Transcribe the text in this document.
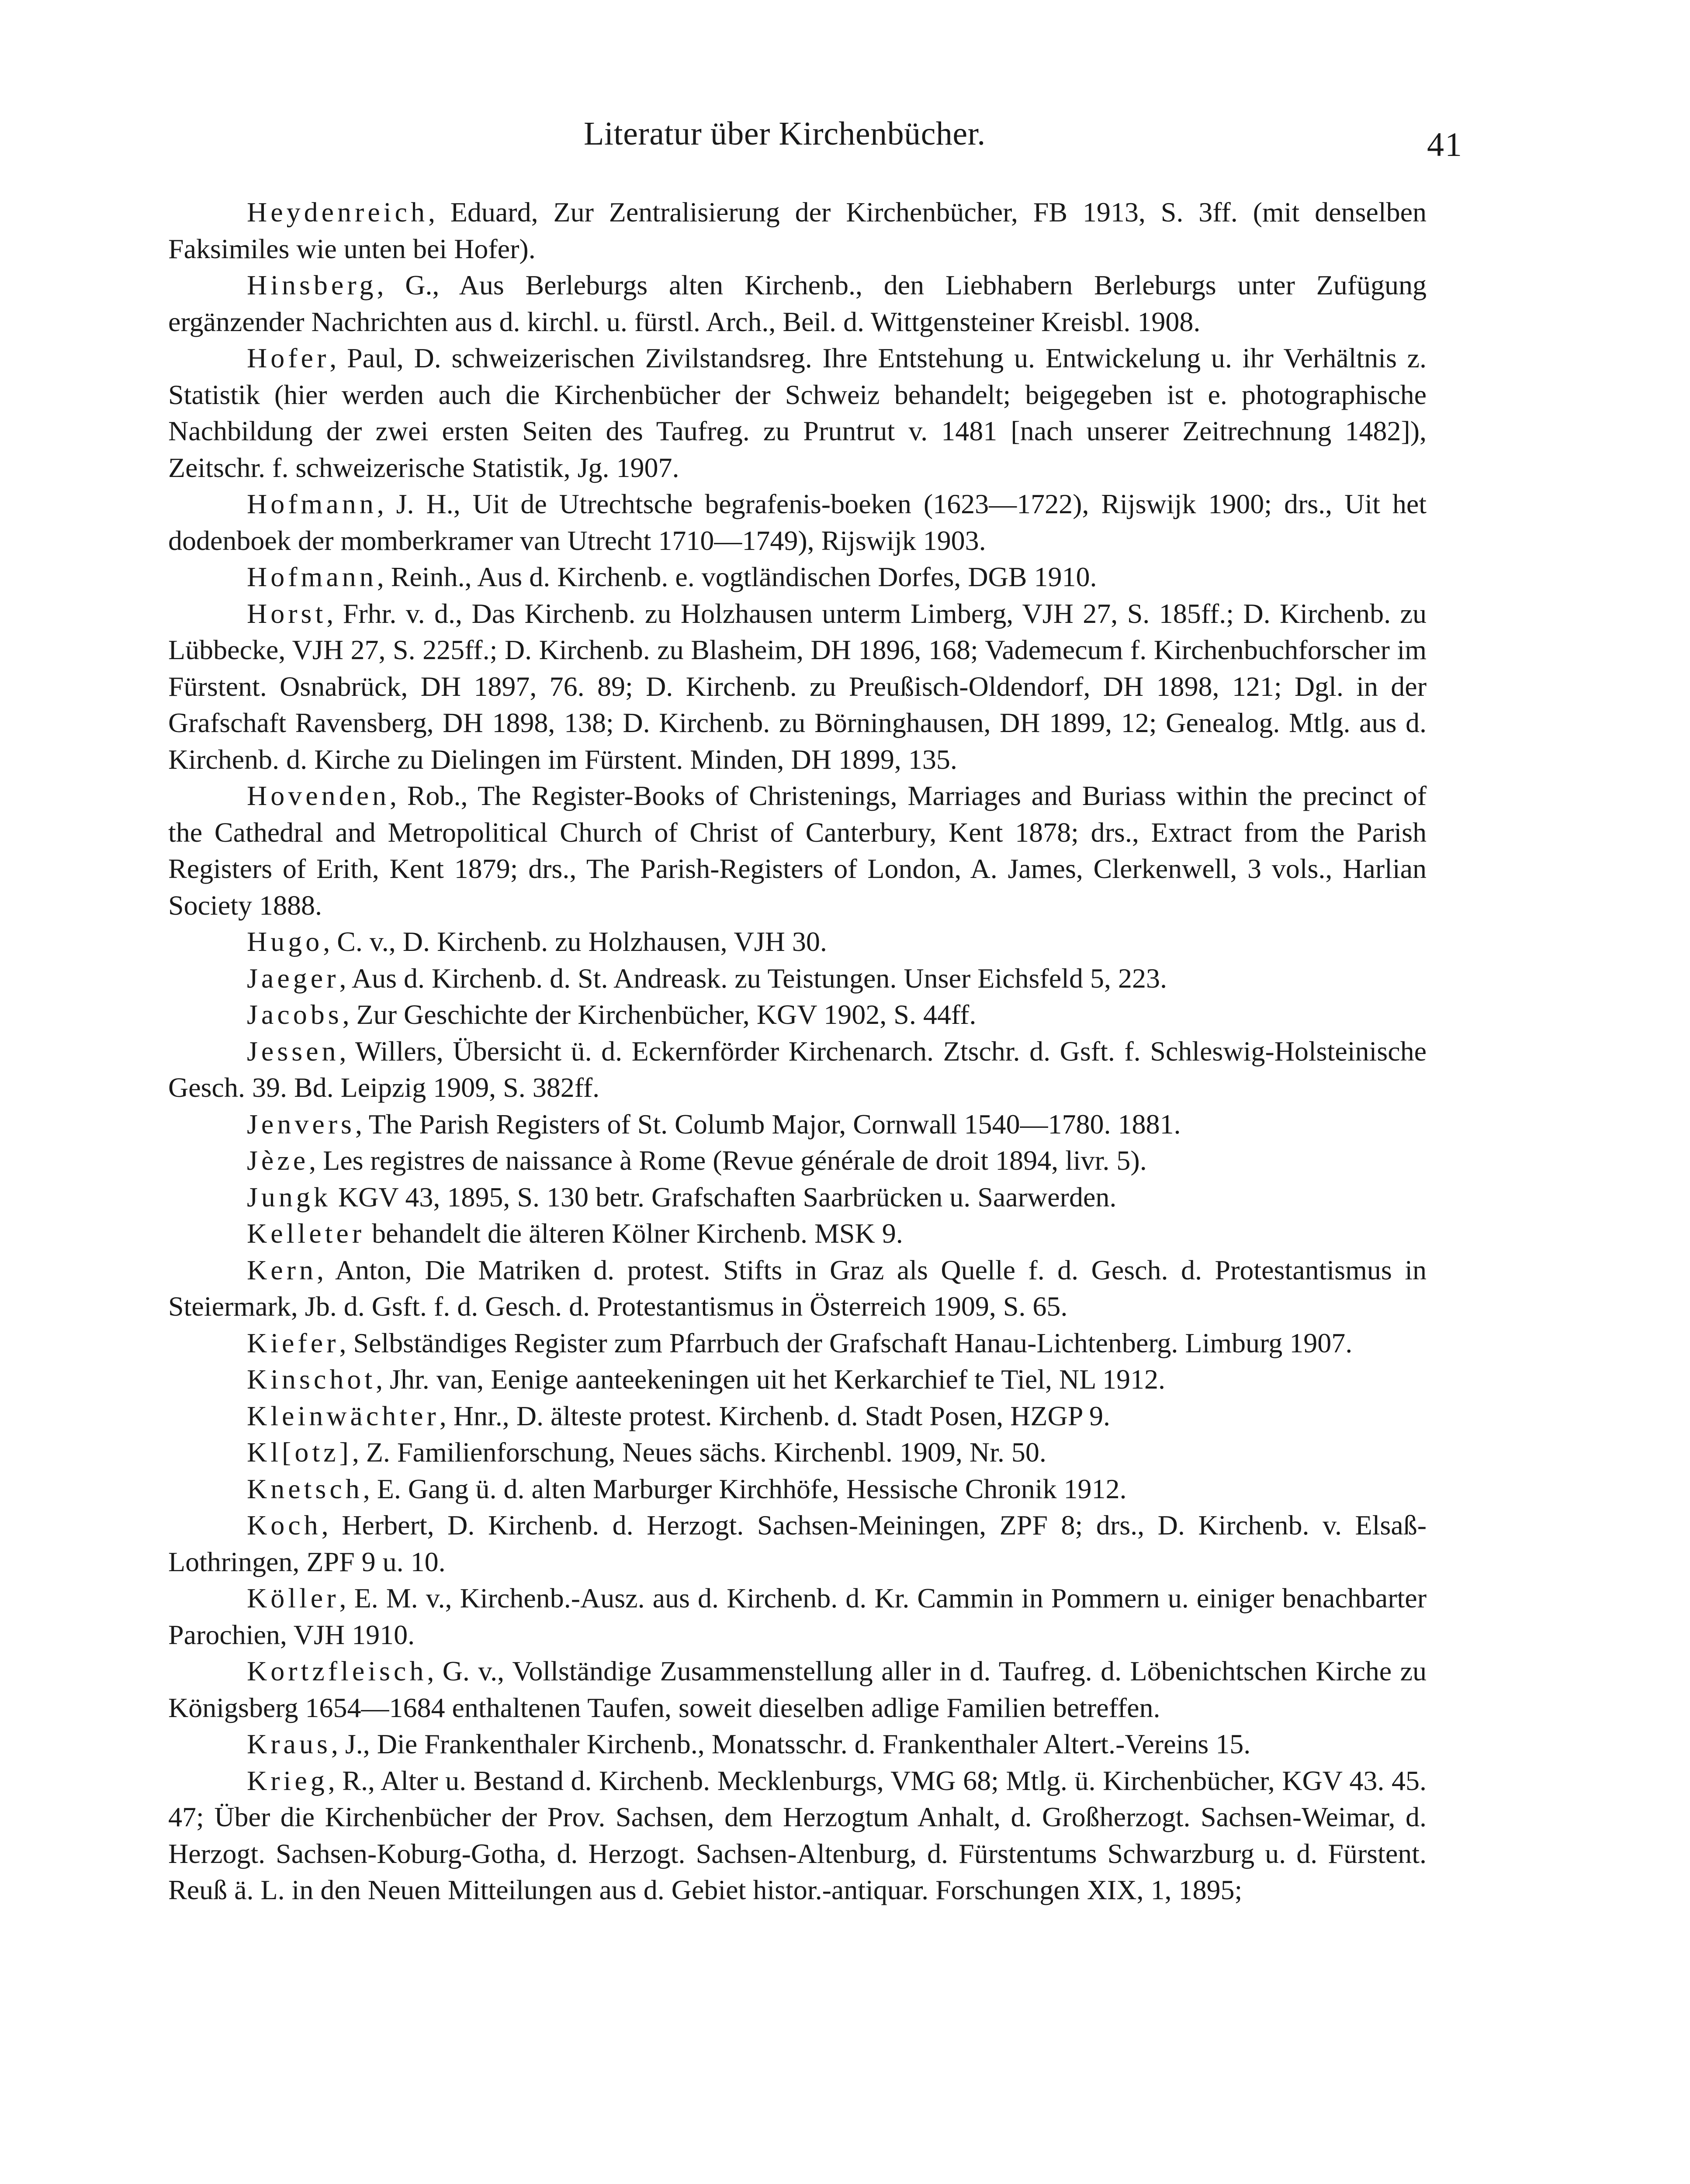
Literatur über Kirchenbücher.	41
Heydenreich, Eduard, Zur Zentralisierung der Kirchenbücher, FB 1913, S. 3ff. (mit denselben Faksimiles wie unten bei Hofer).
Hinsberg, G., Aus Berleburgs alten Kirchenb., den Liebhabern Berleburgs unter Zufügung ergänzender Nachrichten aus d. kirchl. u. fürstl. Arch., Beil. d. Wittgensteiner Kreisbl. 1908.
Hofer, Paul, D. schweizerischen Zivilstandsreg. Ihre Entstehung u. Entwickelung u. ihr Verhältnis z. Statistik (hier werden auch die Kirchenbücher der Schweiz behandelt; beigegeben ist e. photographische Nachbildung der zwei ersten Seiten des Taufreg. zu Pruntrut v. 1481 [nach unserer Zeitrechnung 1482]), Zeitschr. f. schweizerische Statistik, Jg. 1907.
Hofmann, J. H., Uit de Utrechtsche begrafenis-boeken (1623—1722), Rijswijk 1900; drs., Uit het dodenboek der momberkramer van Utrecht 1710—1749), Rijswijk 1903.
Hofmann, Reinh., Aus d. Kirchenb. e. vogtländischen Dorfes, DGB 1910.
Horst, Frhr. v. d., Das Kirchenb. zu Holzhausen unterm Limberg, VJH 27, S. 185ff.; D. Kirchenb. zu Lübbecke, VJH 27, S. 225ff.; D. Kirchenb. zu Blasheim, DH 1896, 168; Vademecum f. Kirchenbuchforscher im Fürstent. Osnabrück, DH 1897, 76. 89; D. Kirchenb. zu Preußisch-Oldendorf, DH 1898, 121; Dgl. in der Grafschaft Ravensberg, DH 1898, 138; D. Kirchenb. zu Börninghausen, DH 1899, 12; Genealog. Mtlg. aus d. Kirchenb. d. Kirche zu Dielingen im Fürstent. Minden, DH 1899, 135.
Hovenden, Rob., The Register-Books of Christenings, Marriages and Buriass within the precinct of the Cathedral and Metropolitical Church of Christ of Canterbury, Kent 1878; drs., Extract from the Parish Registers of Erith, Kent 1879; drs., The Parish-Registers of London, A. James, Clerkenwell, 3 vols., Harlian Society 1888.
Hugo, C. v., D. Kirchenb. zu Holzhausen, VJH 30.
Jaeger, Aus d. Kirchenb. d. St. Andreask. zu Teistungen. Unser Eichsfeld 5, 223.
Jacobs, Zur Geschichte der Kirchenbücher, KGV 1902, S. 44ff.
Jessen, Willers, Übersicht ü. d. Eckernförder Kirchenarch. Ztschr. d. Gsft. f. Schleswig-Holsteinische Gesch. 39. Bd. Leipzig 1909, S. 382ff.
Jenvers, The Parish Registers of St. Columb Major, Cornwall 1540—1780. 1881.
Jèze, Les registres de naissance à Rome (Revue générale de droit 1894, livr. 5).
Jungk KGV 43, 1895, S. 130 betr. Grafschaften Saarbrücken u. Saarwerden.
Kelleter behandelt die älteren Kölner Kirchenb. MSK 9.
Kern, Anton, Die Matriken d. protest. Stifts in Graz als Quelle f. d. Gesch. d. Protestantismus in Steiermark, Jb. d. Gsft. f. d. Gesch. d. Protestantismus in Österreich 1909, S. 65.
Kiefer, Selbständiges Register zum Pfarrbuch der Grafschaft Hanau-Lichtenberg. Limburg 1907.
Kinschot, Jhr. van, Eenige aanteekeningen uit het Kerkarchief te Tiel, NL 1912.
Kleinwächter, Hnr., D. älteste protest. Kirchenb. d. Stadt Posen, HZGP 9.
Kl[otz], Z. Familienforschung, Neues sächs. Kirchenbl. 1909, Nr. 50.
Knetsch, E. Gang ü. d. alten Marburger Kirchhöfe, Hessische Chronik 1912.
Koch, Herbert, D. Kirchenb. d. Herzogt. Sachsen-Meiningen, ZPF 8; drs., D. Kirchenb. v. Elsaß-Lothringen, ZPF 9 u. 10.
Köller, E. M. v., Kirchenb.-Ausz. aus d. Kirchenb. d. Kr. Cammin in Pommern u. einiger benachbarter Parochien, VJH 1910.
Kortzfleisch, G. v., Vollständige Zusammenstellung aller in d. Taufreg. d. Löbenichtschen Kirche zu Königsberg 1654—1684 enthaltenen Taufen, soweit dieselben adlige Familien betreffen.
Kraus, J., Die Frankenthaler Kirchenb., Monatsschr. d. Frankenthaler Altert.-Vereins 15.
Krieg, R., Alter u. Bestand d. Kirchenb. Mecklenburgs, VMG 68; Mtlg. ü. Kirchenbücher, KGV 43. 45. 47; Über die Kirchenbücher der Prov. Sachsen, dem Herzogtum Anhalt, d. Großherzogt. Sachsen-Weimar, d. Herzogt. Sachsen-Koburg-Gotha, d. Herzogt. Sachsen-Altenburg, d. Fürstentums Schwarzburg u. d. Fürstent. Reuß ä. L. in den Neuen Mitteilungen aus d. Gebiet histor.-antiquar. Forschungen XIX, 1, 1895;
